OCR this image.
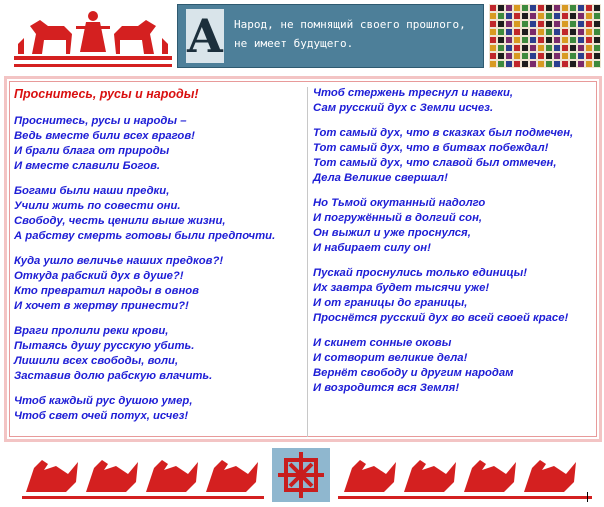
А Народ, не помнящий своего прошлого,
не имеет будущего.
Проснитесь, русы и народы!
Проснитесь, русы и народы –
Ведь вместе били всех врагов!
И брали блага от природы
И вместе славили Богов.
Богами были наши предки,
Учили жить по совести они.
Свободу, честь ценили выше жизни,
А рабству смерть готовы были предпочти.
Куда ушло величье наших предков?!
Откуда рабский дух в душе?!
Кто превратил народы в овнов
И хочет в жертву принести?!
Враги пролили реки крови,
Пытаясь душу русскую убить.
Лишили всех свободы, воли,
Заставив долю рабскую влачить.
Чтоб каждый рус душою умер,
Чтоб свет очей потух, исчез!
Чтоб стержень треснул и навеки,
Сам русский дух с Земли исчез.
Тот самый дух, что в сказках был подмечен,
Тот самый дух, что в битвах побеждал!
Тот самый дух, что славой был отмечен,
Дела Великие свершал!
Но Тьмой окутанный надолго
И погружённый в долгий сон,
Он выжил и уже проснулся,
И набирает силу он!
Пускай проснулись только единицы!
Их завтра будет тысячи уже!
И от границы до границы,
Проснётся русский дух во всей своей красе!
И скинет сонные оковы
И сотворит великие дела!
Вернёт свободу и другим народам
И возродится вся Земля!
